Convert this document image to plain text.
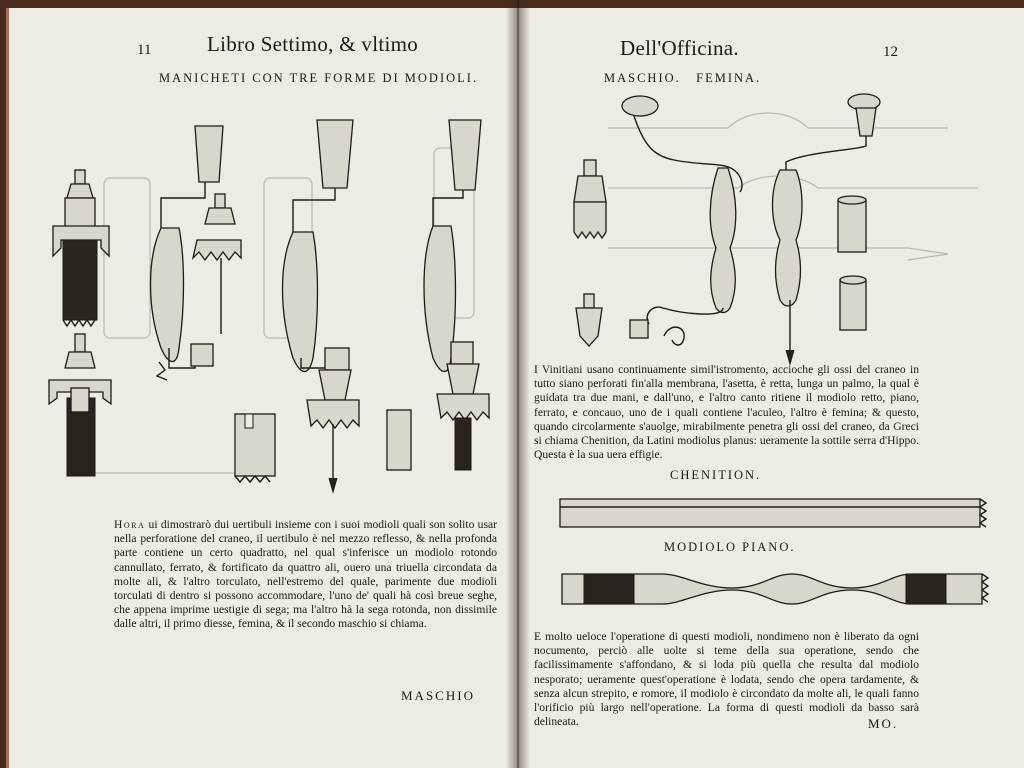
11	Libro Settimo, & vltimo
MANICHETI CON TRE FORME DI MODIOLI.
Hora ui dimostrarò dui uertibuli insieme con i suoi modioli quali son solito usar nella perforatione del craneo, il uertibulo è nel mezzo reflesso, & nella profonda parte contiene un certo quadratto, nel qual s'inferisce un modiolo rotondo cannullato, ferrato, & fortificato da quattro ali, ouero una triuella circondata da molte ali, & l'altro torculato, nell'estremo del quale, parimente due modioli torculati di dentro si possono accommodare, l'uno de' quali hà così breue seghe, che appena imprime uestigie di sega; ma l'altro hà la sega rotonda, non dissimile dalle altri, il primo diesse, femina, & il secondo maschio si chiama.
MASCHIO
Dell'Officina.	12
MASCHIO.   FEMINA.
I Vinitiani usano continuamente simil'istromento, accioche gli ossi del craneo in tutto siano perforati fin'alla membrana, l'asetta, è retta, lunga un palmo, la qual è guidata tra due mani, e dall'uno, e l'altro canto ritiene il modiolo retto, piano, ferrato, e concauo, uno de i quali contiene l'aculeo, l'altro è femina; & questo, quando circolarmente s'auolge, mirabilmente penetra gli ossi del craneo, da Greci si chiama Chenition, da Latini modiolus planus: ueramente la sottile serra d'Hippo. Questa è la sua uera effigie.
CHENITION.
MODIOLO PIANO.
E molto ueloce l'operatione di questi modioli, nondimeno non è liberato da ogni nocumento, perciò alle uolte si teme della sua operatione, sendo che facilissimamente s'affondano, & si loda più quella che resulta dal modiolo nesporato; ueramente quest'operatione è lodata, sendo che opera tardamente, & senza alcun strepito, e romore, il modiolo è circondato da molte ali, le quali fanno l'orificio più largo nell'operatione. La forma di questi modioli da basso sarà delineata.	MO.
